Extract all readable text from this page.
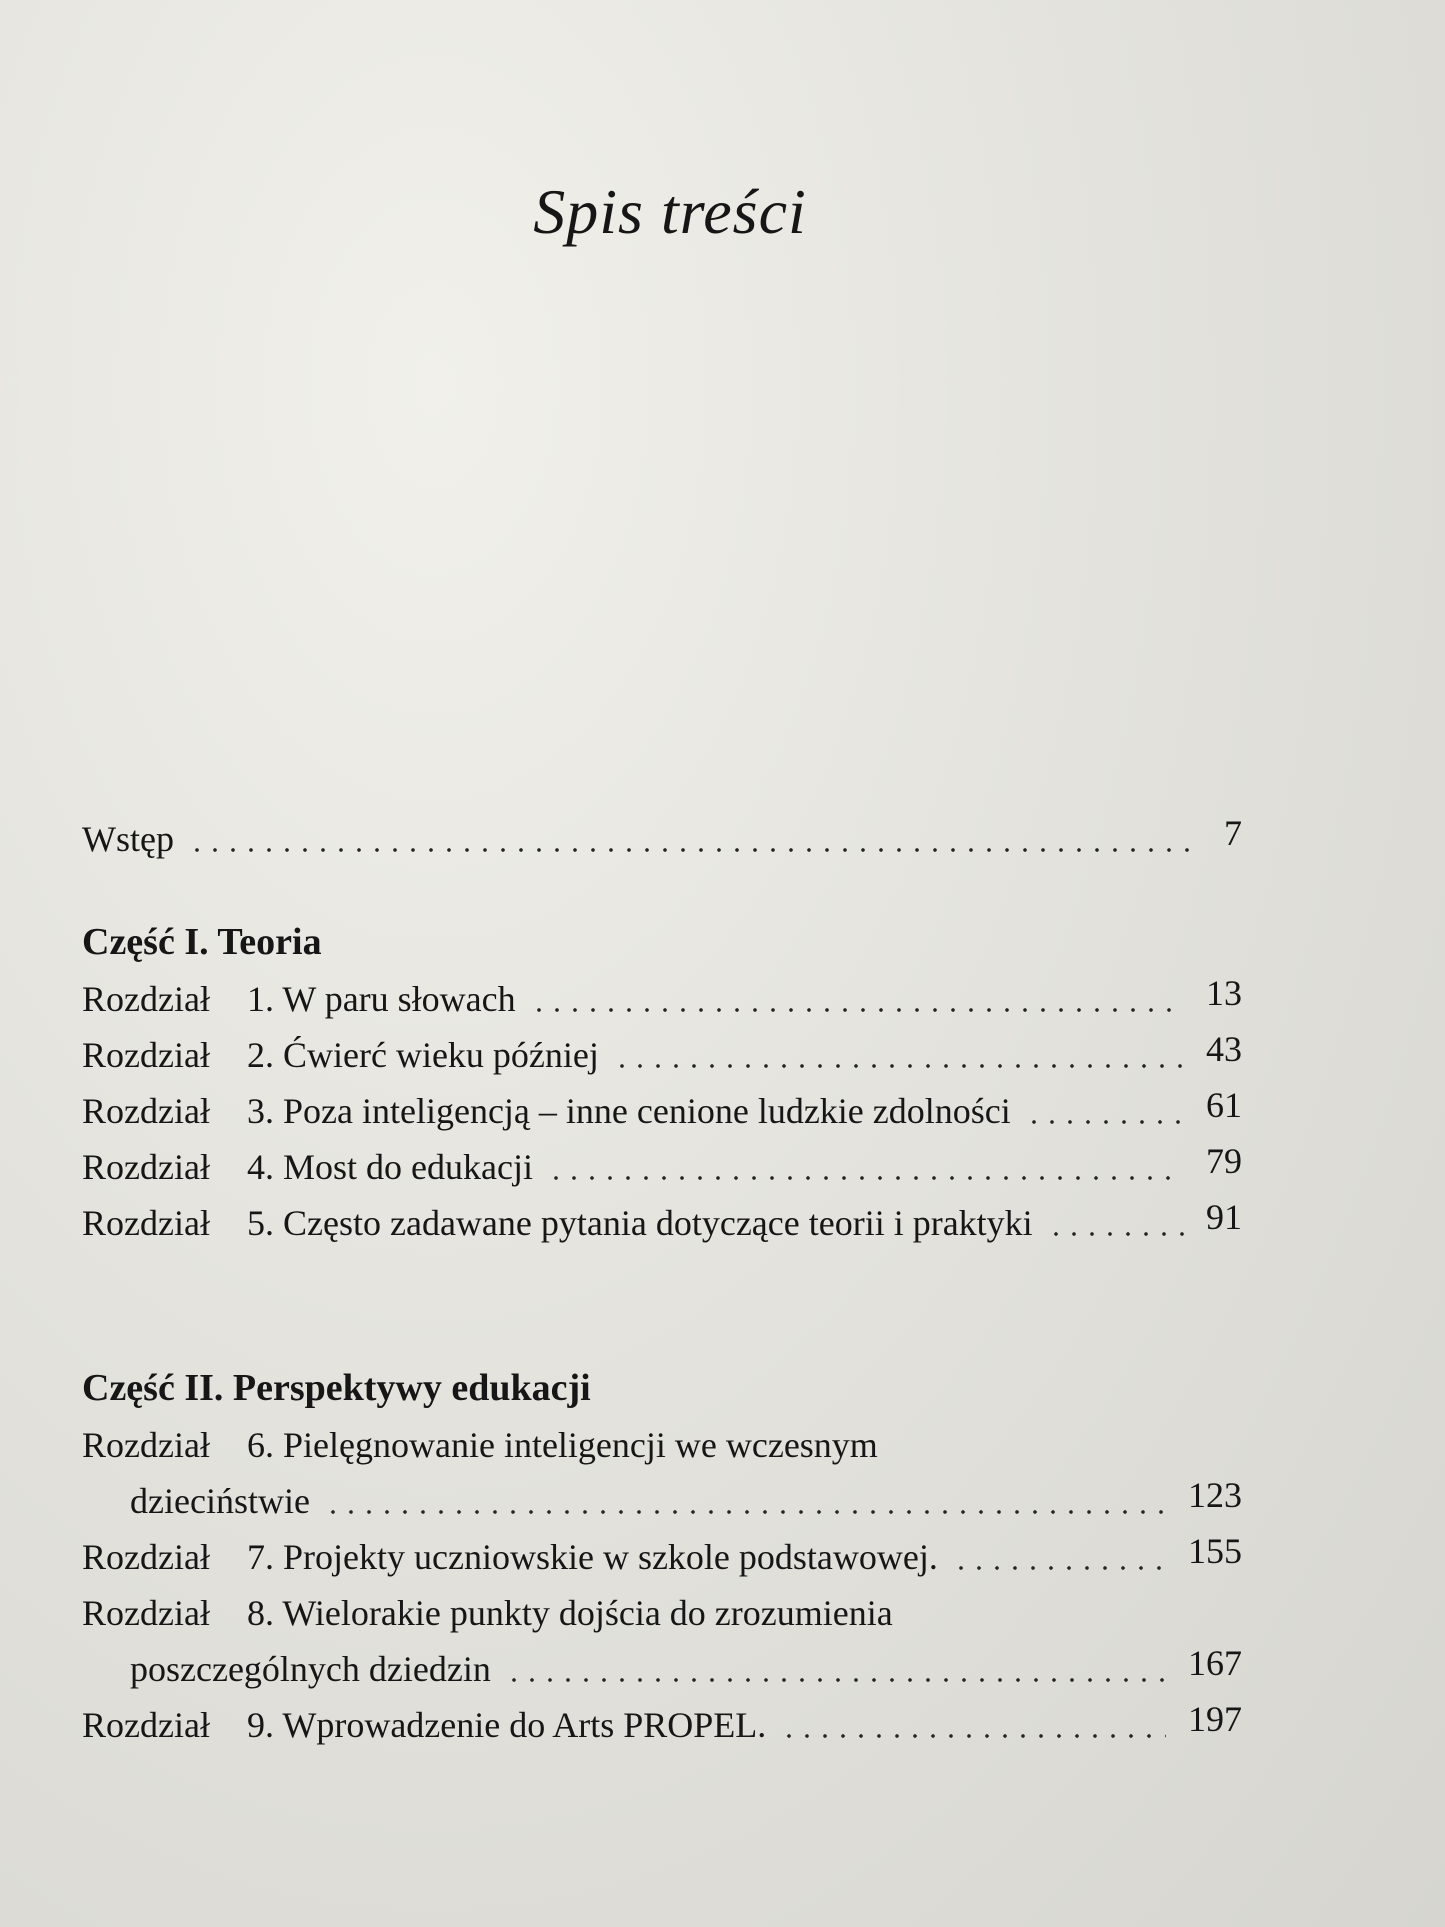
Spis treści
Wstęp	7
Część I. Teoria
Rozdział 1. W paru słowach	13
Rozdział 2. Ćwierć wieku później	43
Rozdział 3. Poza inteligencją – inne cenione ludzkie zdolności	61
Rozdział 4. Most do edukacji	79
Rozdział 5. Często zadawane pytania dotyczące teorii i praktyki	91
Część II. Perspektywy edukacji
Rozdział 6. Pielęgnowanie inteligencji we wczesnym
dzieciństwie	123
Rozdział 7. Projekty uczniowskie w szkole podstawowej.	155
Rozdział 8. Wielorakie punkty dojścia do zrozumienia
poszczególnych dziedzin	167
Rozdział 9. Wprowadzenie do Arts PROPEL.	197
